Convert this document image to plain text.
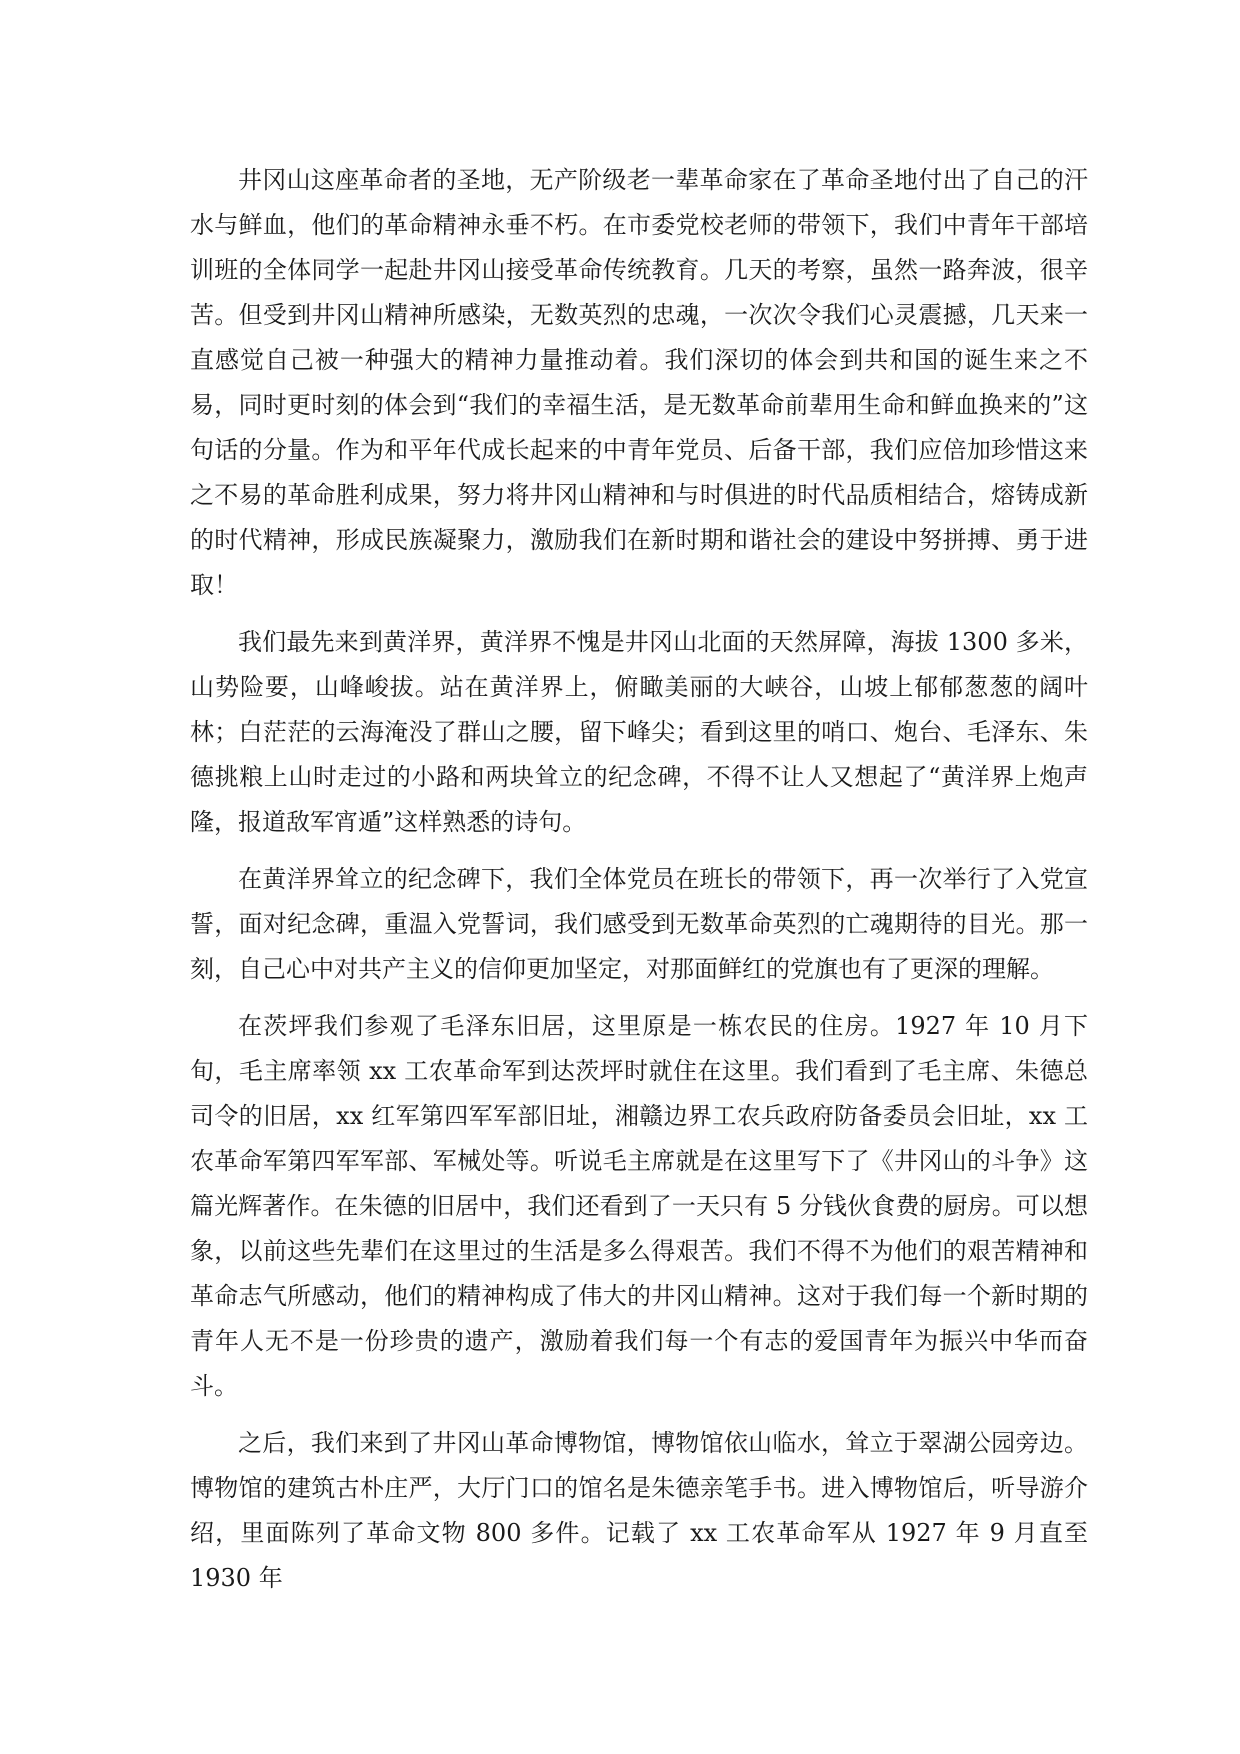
井冈山这座革命者的圣地，无产阶级老一辈革命家在了革命圣地付出了自己的汗水与鲜血，他们的革命精神永垂不朽。在市委党校老师的带领下，我们中青年干部培训班的全体同学一起赴井冈山接受革命传统教育。几天的考察，虽然一路奔波，很辛苦。但受到井冈山精神所感染，无数英烈的忠魂，一次次令我们心灵震撼，几天来一直感觉自己被一种强大的精神力量推动着。我们深切的体会到共和国的诞生来之不易，同时更时刻的体会到“我们的幸福生活，是无数革命前辈用生命和鲜血换来的”这句话的分量。作为和平年代成长起来的中青年党员、后备干部，我们应倍加珍惜这来之不易的革命胜利成果，努力将井冈山精神和与时俱进的时代品质相结合，熔铸成新的时代精神，形成民族凝聚力，激励我们在新时期和谐社会的建设中努拼搏、勇于进取！

我们最先来到黄洋界，黄洋界不愧是井冈山北面的天然屏障，海拔 1300 多米，山势险要，山峰峻拔。站在黄洋界上，俯瞰美丽的大峡谷，山坡上郁郁葱葱的阔叶林；白茫茫的云海淹没了群山之腰，留下峰尖；看到这里的哨口、炮台、毛泽东、朱德挑粮上山时走过的小路和两块耸立的纪念碑，不得不让人又想起了“黄洋界上炮声隆，报道敌军宵遁”这样熟悉的诗句。

在黄洋界耸立的纪念碑下，我们全体党员在班长的带领下，再一次举行了入党宣誓，面对纪念碑，重温入党誓词，我们感受到无数革命英烈的亡魂期待的目光。那一刻，自己心中对共产主义的信仰更加坚定，对那面鲜红的党旗也有了更深的理解。

在茨坪我们参观了毛泽东旧居，这里原是一栋农民的住房。1927 年 10 月下旬，毛主席率领 xx 工农革命军到达茨坪时就住在这里。我们看到了毛主席、朱德总司令的旧居，xx 红军第四军军部旧址，湘赣边界工农兵政府防备委员会旧址，xx 工农革命军第四军军部、军械处等。听说毛主席就是在这里写下了《井冈山的斗争》这篇光辉著作。在朱德的旧居中，我们还看到了一天只有 5 分钱伙食费的厨房。可以想象，以前这些先辈们在这里过的生活是多么得艰苦。我们不得不为他们的艰苦精神和革命志气所感动，他们的精神构成了伟大的井冈山精神。这对于我们每一个新时期的青年人无不是一份珍贵的遗产，激励着我们每一个有志的爱国青年为振兴中华而奋斗。

之后，我们来到了井冈山革命博物馆，博物馆依山临水，耸立于翠湖公园旁边。博物馆的建筑古朴庄严，大厅门口的馆名是朱德亲笔手书。进入博物馆后，听导游介绍，里面陈列了革命文物 800 多件。记载了 xx 工农革命军从 1927 年 9 月直至 1930 年
